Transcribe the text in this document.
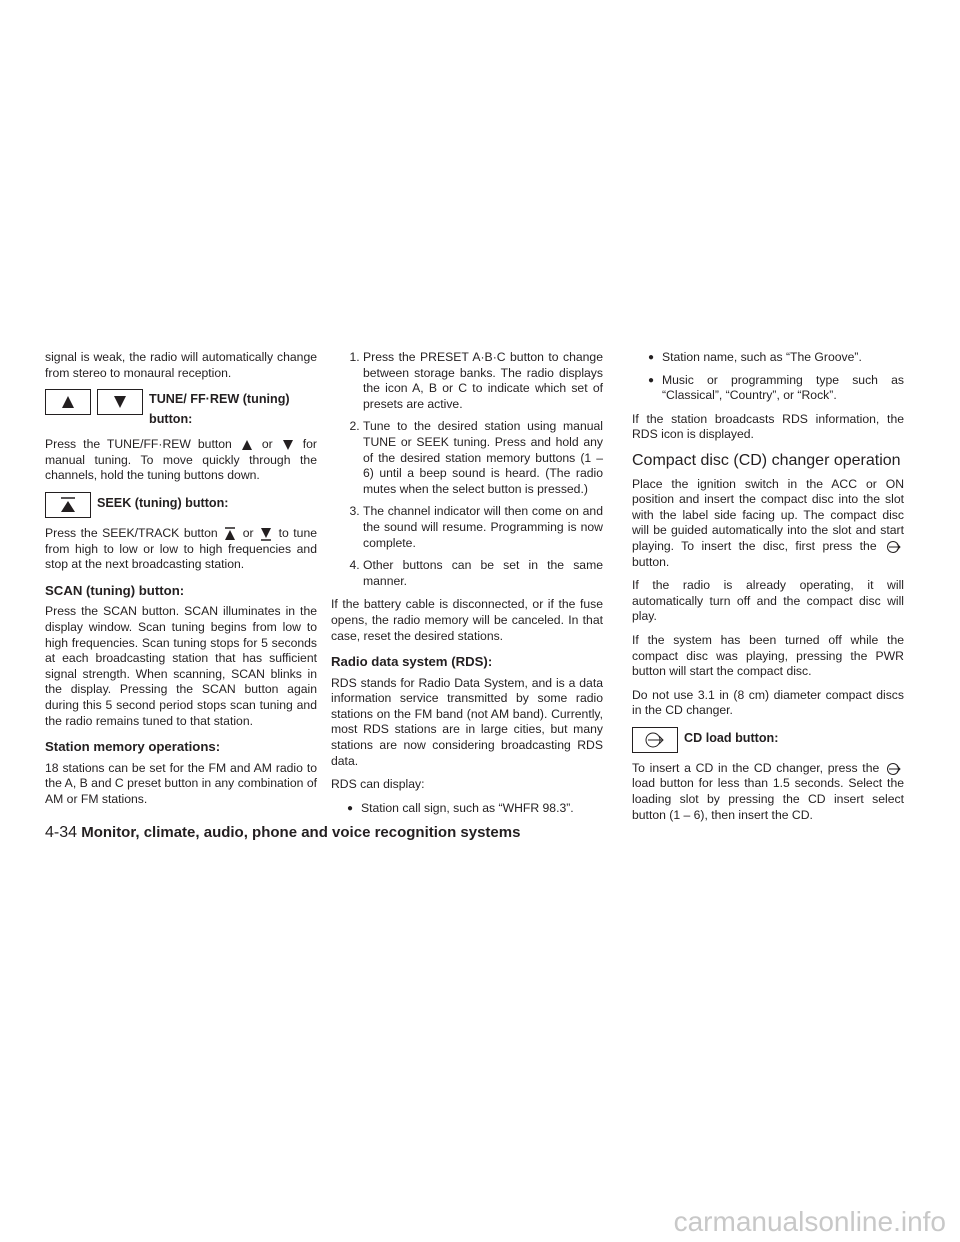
signal is weak, the radio will automatically change from stereo to monaural reception.

TUNE/ FF·REW (tuning) button:

Press the TUNE/FF·REW button or for manual tuning. To move quickly through the channels, hold the tuning buttons down.

SEEK (tuning) button:

Press the SEEK/TRACK button or to tune from high to low or low to high frequencies and stop at the next broadcasting station.

SCAN (tuning) button:

Press the SCAN button. SCAN illuminates in the display window. Scan tuning begins from low to high frequencies. Scan tuning stops for 5 seconds at each broadcasting station that has sufficient signal strength. When scanning, SCAN blinks in the display. Pressing the SCAN button again during this 5 second period stops scan tuning and the radio remains tuned to that station.

Station memory operations:

18 stations can be set for the FM and AM radio to the A, B and C preset button in any combination of AM or FM stations.

1. Press the PRESET A·B·C button to change between storage banks. The radio displays the icon A, B or C to indicate which set of presets are active.
2. Tune to the desired station using manual TUNE or SEEK tuning. Press and hold any of the desired station memory buttons (1 – 6) until a beep sound is heard. (The radio mutes when the select button is pressed.)
3. The channel indicator will then come on and the sound will resume. Programming is now complete.
4. Other buttons can be set in the same manner.

If the battery cable is disconnected, or if the fuse opens, the radio memory will be canceled. In that case, reset the desired stations.

Radio data system (RDS):

RDS stands for Radio Data System, and is a data information service transmitted by some radio stations on the FM band (not AM band). Currently, most RDS stations are in large cities, but many stations are now considering broadcasting RDS data.

RDS can display:

● Station call sign, such as “WHFR 98.3”.
● Station name, such as “The Groove”.
● Music or programming type such as “Classical”, “Country”, or “Rock”.

If the station broadcasts RDS information, the RDS icon is displayed.

Compact disc (CD) changer operation

Place the ignition switch in the ACC or ON position and insert the compact disc into the slot with the label side facing up. The compact disc will be guided automatically into the slot and start playing. To insert the disc, first press the  button.

If the radio is already operating, it will automatically turn off and the compact disc will play.

If the system has been turned off while the compact disc was playing, pressing the PWR button will start the compact disc.

Do not use 3.1 in (8 cm) diameter compact discs in the CD changer.

CD load button:

To insert a CD in the CD changer, press the  load button for less than 1.5 seconds. Select the loading slot by pressing the CD insert select button (1 – 6), then insert the CD.

4-34 Monitor, climate, audio, phone and voice recognition systems
carmanualsonline.info
